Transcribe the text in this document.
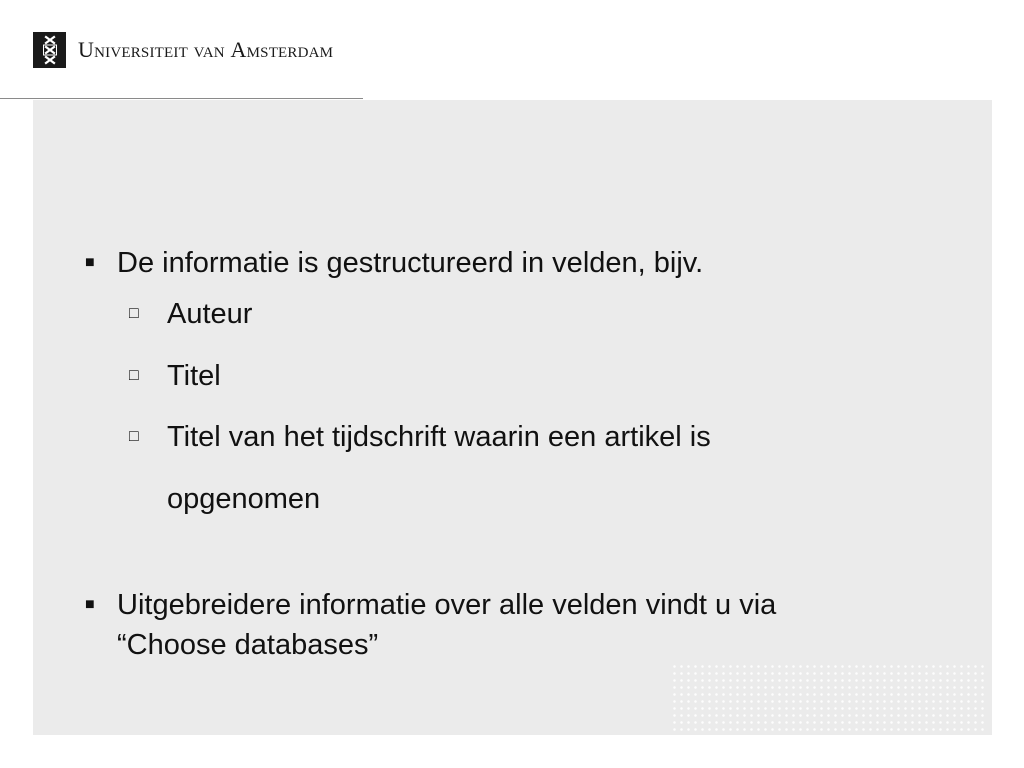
Universiteit van Amsterdam
■ De informatie is gestructureerd in velden, bijv.
□ Auteur
□ Titel
□ Titel van het tijdschrift waarin een artikel is
opgenomen
■ Uitgebreidere informatie over alle velden vindt u via
“Choose databases”
